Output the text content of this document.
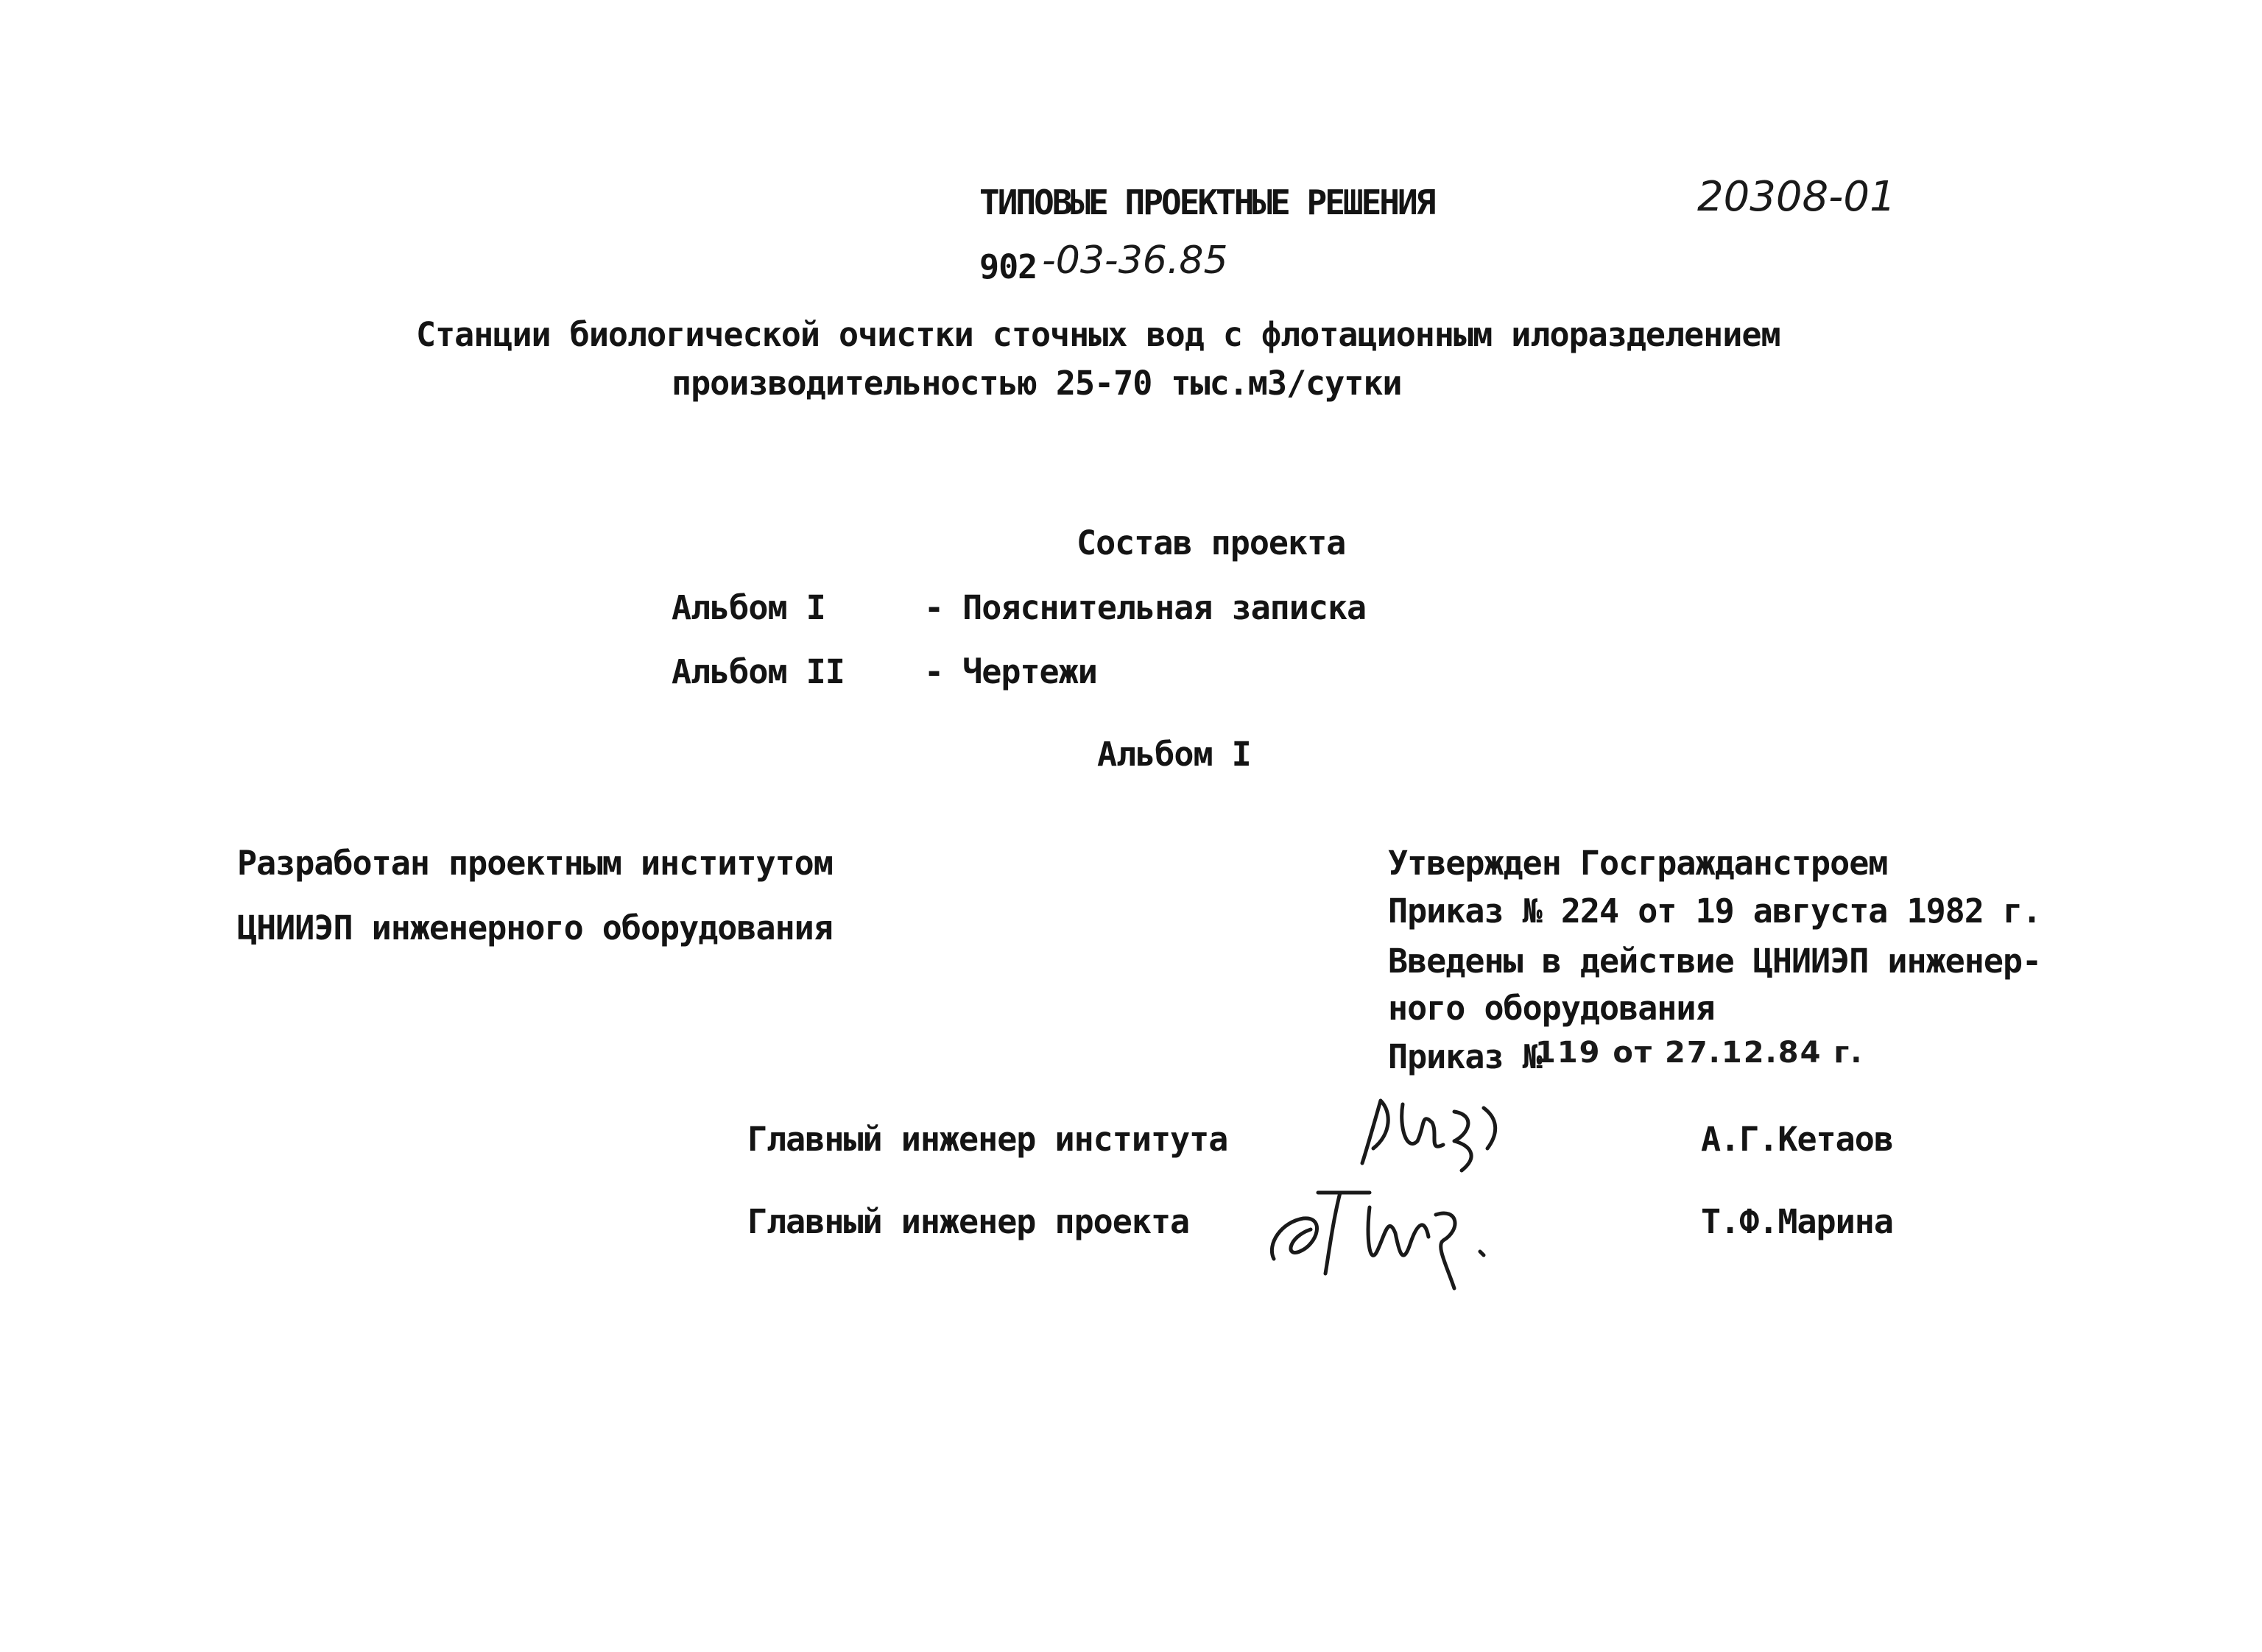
ТИПОВЫЕ ПРОЕКТНЫЕ РЕШЕНИЯ	20308-01
902 -03-36.85
Станции биологической очистки сточных вод с флотационным илоразделением
производительностью 25-70 тыс.м3/сутки
Состав проекта
Альбом I	- Пояснительная записка
Альбом II - Чертежи
Альбом I
Разработан проектным институтом
ЦНИИЭП инженерного оборудования
Утвержден Госгражданстроем
Приказ № 224 от 19 августа 1982 г.
Введены в действие ЦНИИЭП инженер-
ного оборудования
Приказ №
119 от 27.12.84 г.
Главный инженер института	А.Г.Кетаов
Главный инженер проекта	Т.Ф.Марина
